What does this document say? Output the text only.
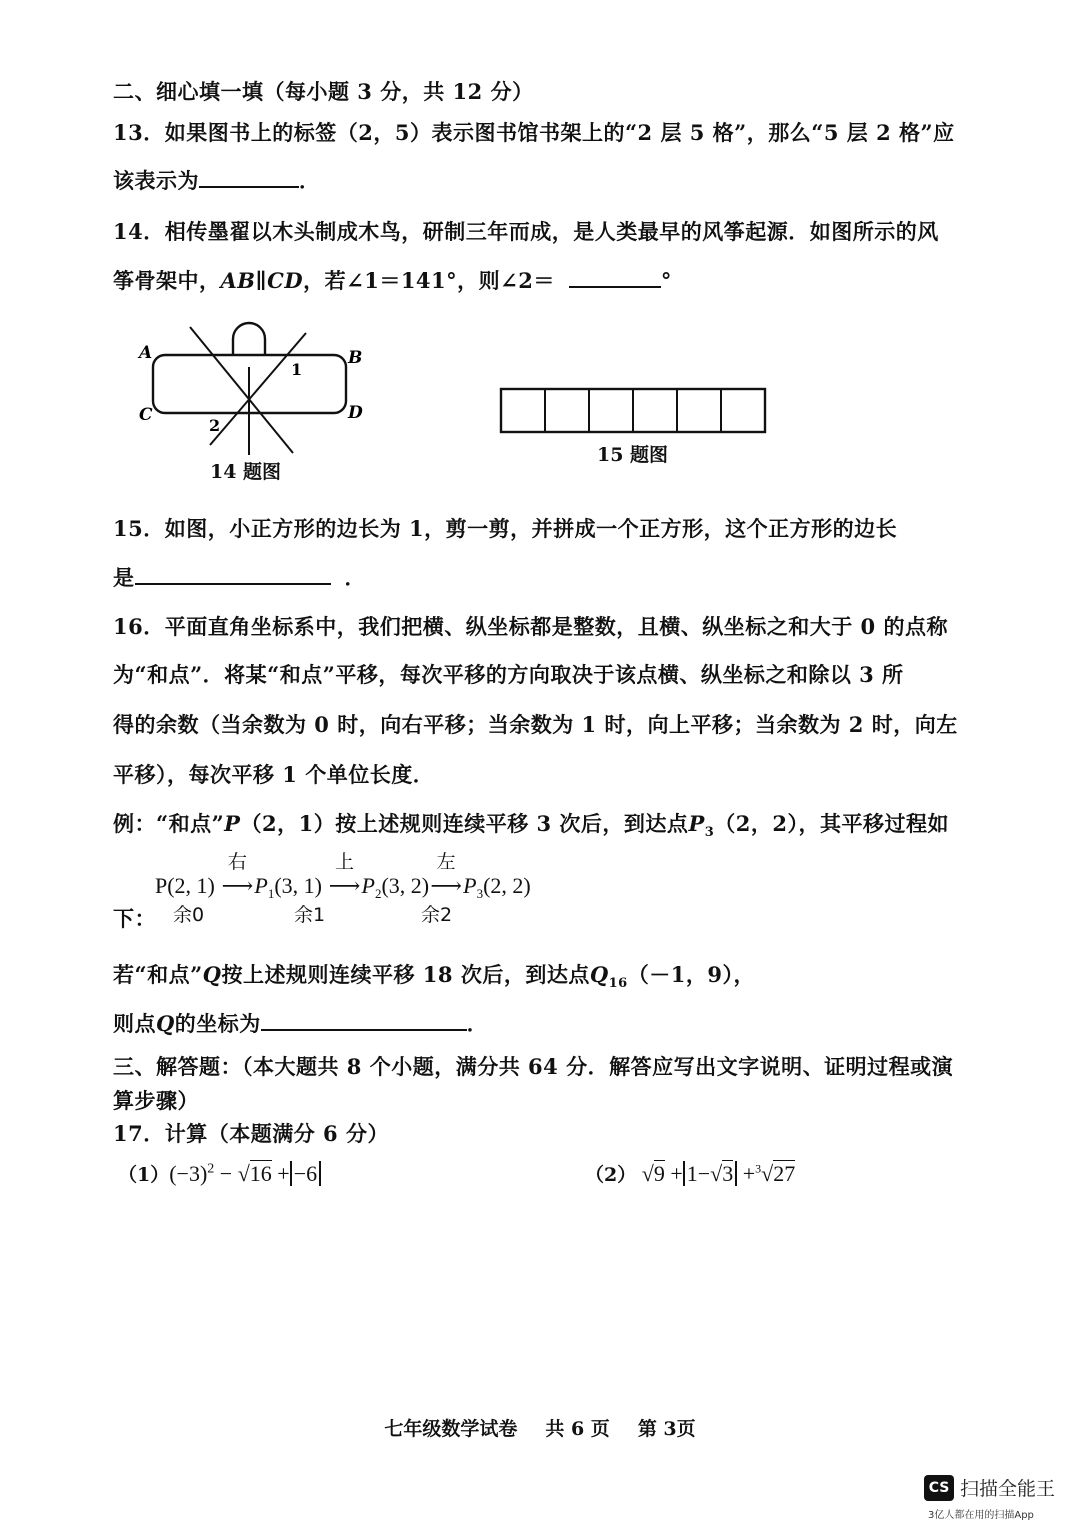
二、细心填一填（每小题 3 分，共 12 分）
13．如果图书上的标签（2，5）表示图书馆书架上的“2 层 5 格”，那么“5 层 2 格”应
该表示为	．
14．相传墨翟以木头制成木鸟，研制三年而成，是人类最早的风筝起源．如图所示的风
筝骨架中，AB∥CD，若∠1＝141°，则∠2＝	°
A	B
C	D
1
2
14 题图
15 题图
15．如图，小正方形的边长为 1，剪一剪，并拼成一个正方形，这个正方形的边长
是	．
16．平面直角坐标系中，我们把横、纵坐标都是整数，且横、纵坐标之和大于 0 的点称
为“和点”．将某“和点”平移，每次平移的方向取决于该点横、纵坐标之和除以 3 所
得的余数（当余数为 0 时，向右平移；当余数为 1 时，向上平移；当余数为 2 时，向左
平移），每次平移 1 个单位长度．
例：“和点”P（2，1）按上述规则连续平移 3 次后，到达点$P_3(2$，2），其平移过程如
P(2, 1)
右
$⟶P_1(3$, 1)
上
$⟶P_2(3$, 2)
左
$⟶P_3(2$, 2)
下： 余0	余1	余2
若“和点”Q按上述规则连续平移 18 次后，到达点$Q_{16}(-1$，9），
则点Q的坐标为	．
三、解答题：（本大题共 8 个小题，满分共 64 分．解答应写出文字说明、证明过程或演
算步骤）
17．计算（本题满分 6 分）
$(1)(-3)^2 - √16 + -6$	（2） √9 + 1−√3 +$^3$√27
七年级数学试卷 共 6 页 第 3页
CS 扫描全能王
3亿人都在用的扫描App
